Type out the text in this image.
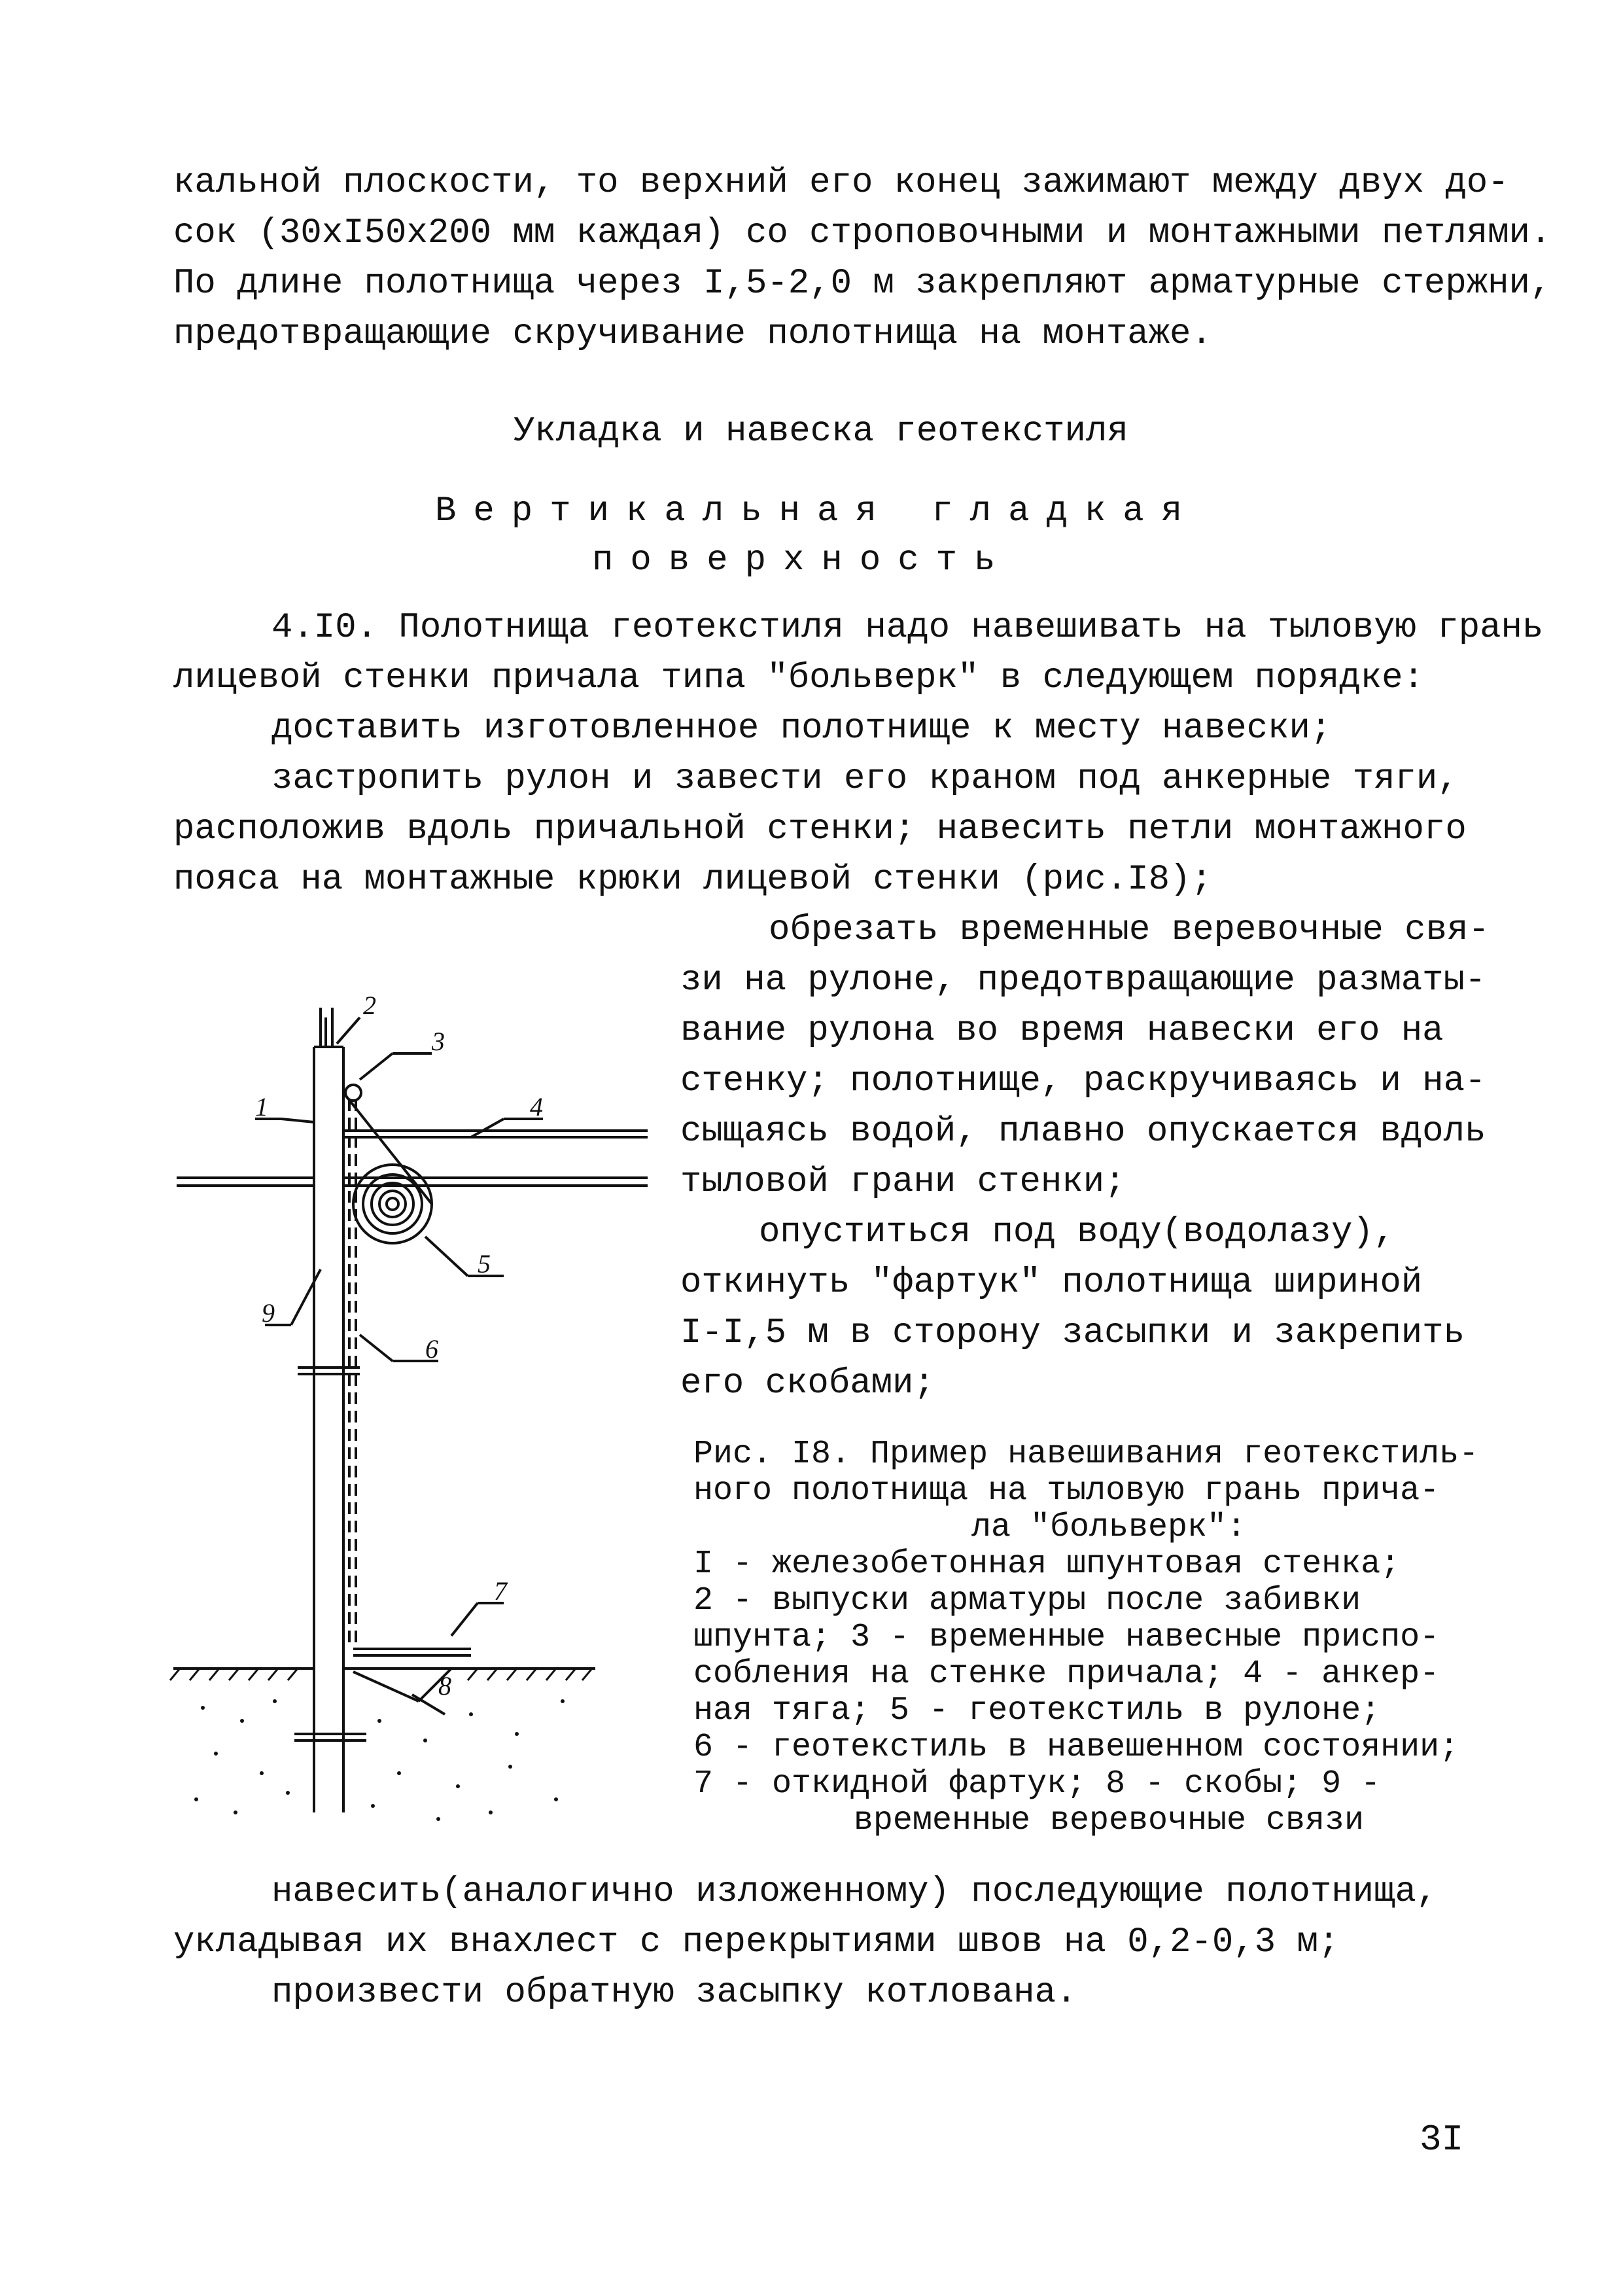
кальной плоскости, то верхний его конец зажимают между двух до-
сок (30хI50х200 мм каждая) со строповочными и монтажными петлями.
По длине полотнища через I,5-2,0 м закрепляют арматурные стержни,
предотвращающие скручивание полотнища на монтаже.
Укладка и навеска геотекстиля
Вертикальная гладкая
поверхность
4.I0. Полотнища геотекстиля надо навешивать на тыловую грань
лицевой стенки причала типа "больверк" в следующем порядке:
доставить изготовленное полотнище к месту навески;
застропить рулон и завести его краном под анкерные тяги,
расположив вдоль причальной стенки; навесить петли монтажного
пояса на монтажные крюки лицевой стенки (рис.I8);
обрезать временные веревочные свя-
зи на рулоне, предотвращающие разматы-
вание рулона во время навески его на
стенку; полотнище, раскручиваясь и на-
сыщаясь водой, плавно опускается вдоль
тыловой грани стенки;
опуститься под воду(водолазу),
откинуть "фартук" полотнища шириной
I-I,5 м в сторону засыпки и закрепить
его скобами;
2
3
1	4
5
9
6
7
8
Рис. I8. Пример навешивания геотекстиль-
ного полотнища на тыловую грань прича-
ла "больверк":
I - железобетонная шпунтовая стенка;
2 - выпуски арматуры после забивки
шпунта; 3 - временные навесные приспо-
собления на стенке причала; 4 - анкер-
ная тяга; 5 - геотекстиль в рулоне;
6 - геотекстиль в навешенном состоянии;
7 - откидной фартук; 8 - скобы; 9 -
временные веревочные связи
навесить(аналогично изложенному) последующие полотнища,
укладывая их внахлест с перекрытиями швов на 0,2-0,3 м;
произвести обратную засыпку котлована.
3I
